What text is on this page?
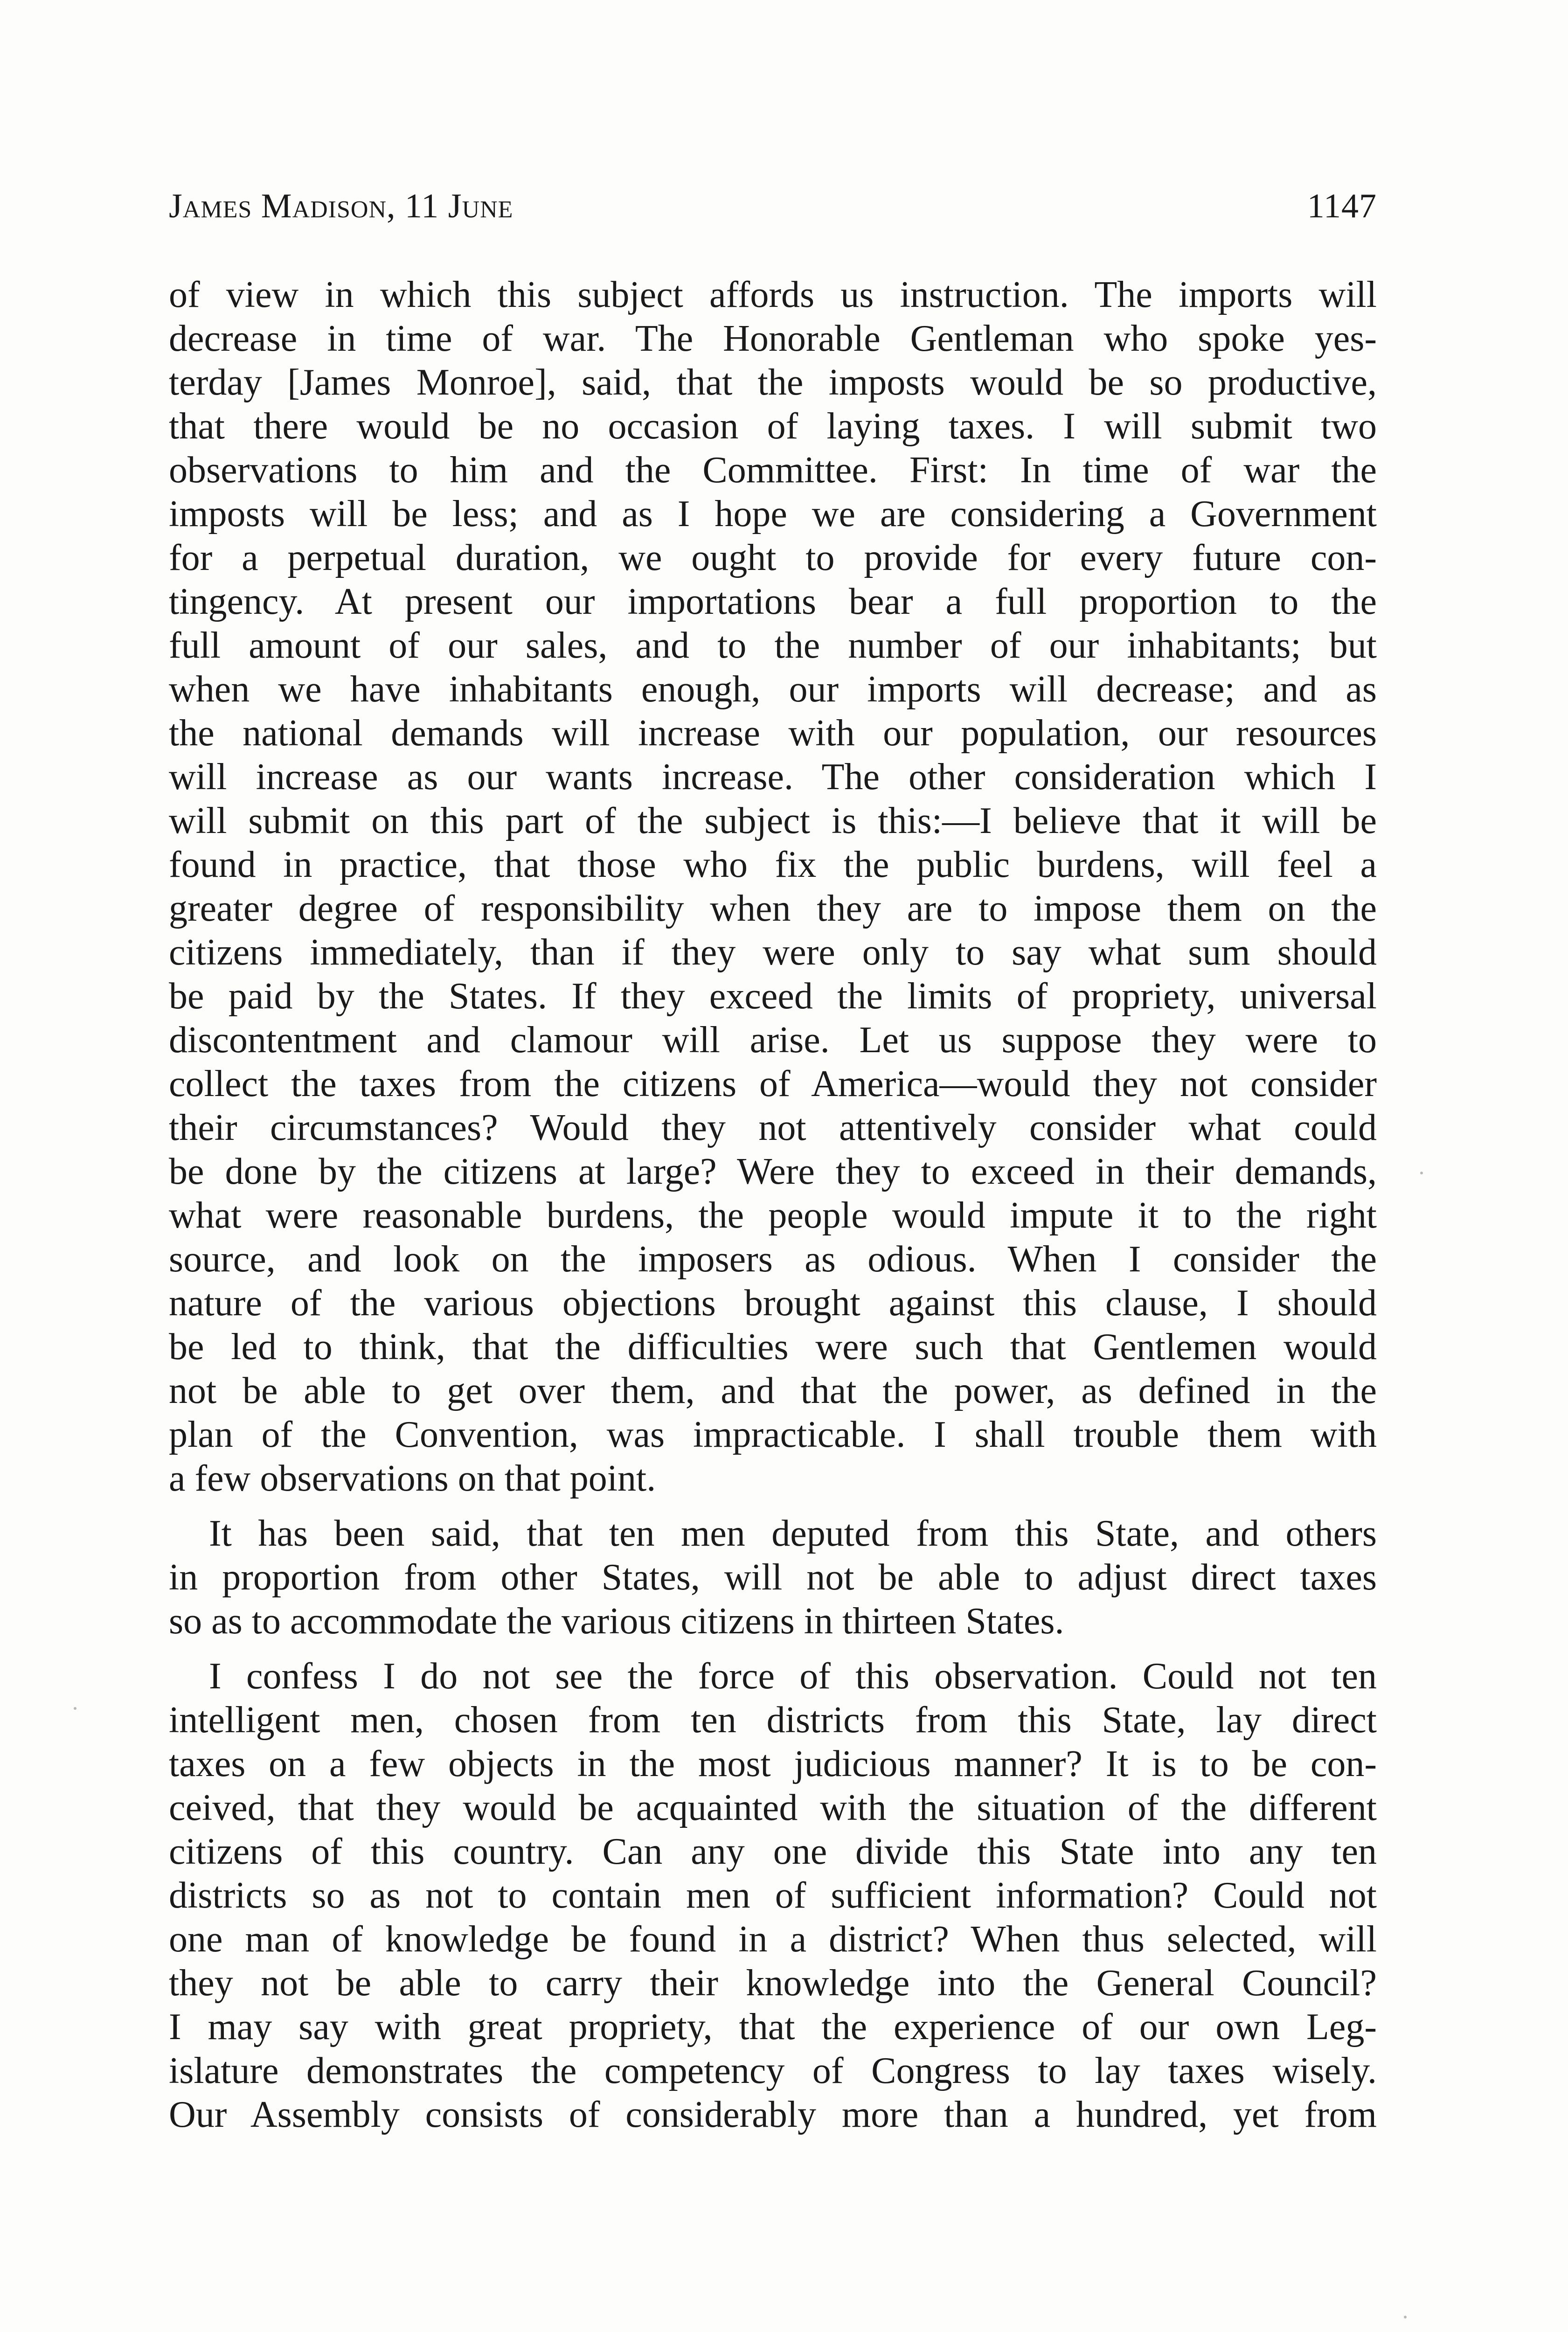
James Madison, 11 June	1147
of view in which this subject affords us instruction. The imports will
decrease in time of war. The Honorable Gentleman who spoke yes-
terday [James Monroe], said, that the imposts would be so productive,
that there would be no occasion of laying taxes. I will submit two
observations to him and the Committee. First: In time of war the
imposts will be less; and as I hope we are considering a Government
for a perpetual duration, we ought to provide for every future con-
tingency. At present our importations bear a full proportion to the
full amount of our sales, and to the number of our inhabitants; but
when we have inhabitants enough, our imports will decrease; and as
the national demands will increase with our population, our resources
will increase as our wants increase. The other consideration which I
will submit on this part of the subject is this:—I believe that it will be
found in practice, that those who fix the public burdens, will feel a
greater degree of responsibility when they are to impose them on the
citizens immediately, than if they were only to say what sum should
be paid by the States. If they exceed the limits of propriety, universal
discontentment and clamour will arise. Let us suppose they were to
collect the taxes from the citizens of America—would they not consider
their circumstances? Would they not attentively consider what could
be done by the citizens at large? Were they to exceed in their demands,
what were reasonable burdens, the people would impute it to the right
source, and look on the imposers as odious. When I consider the
nature of the various objections brought against this clause, I should
be led to think, that the difficulties were such that Gentlemen would
not be able to get over them, and that the power, as defined in the
plan of the Convention, was impracticable. I shall trouble them with
a few observations on that point.
It has been said, that ten men deputed from this State, and others
in proportion from other States, will not be able to adjust direct taxes
so as to accommodate the various citizens in thirteen States.
I confess I do not see the force of this observation. Could not ten
intelligent men, chosen from ten districts from this State, lay direct
taxes on a few objects in the most judicious manner? It is to be con-
ceived, that they would be acquainted with the situation of the different
citizens of this country. Can any one divide this State into any ten
districts so as not to contain men of sufficient information? Could not
one man of knowledge be found in a district? When thus selected, will
they not be able to carry their knowledge into the General Council?
I may say with great propriety, that the experience of our own Leg-
islature demonstrates the competency of Congress to lay taxes wisely.
Our Assembly consists of considerably more than a hundred, yet from
